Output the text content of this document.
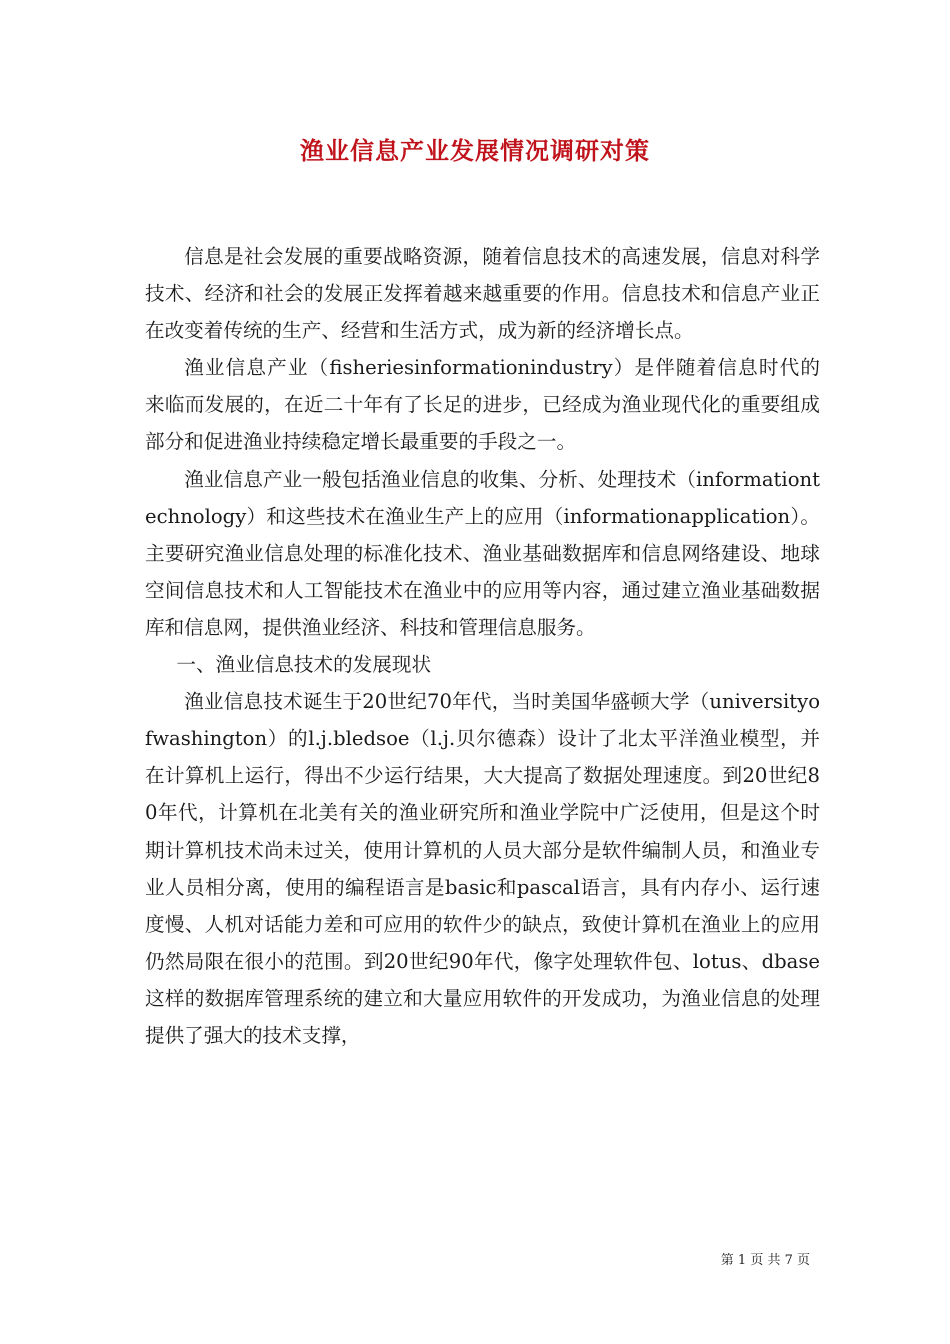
渔业信息产业发展情况调研对策

信息是社会发展的重要战略资源，随着信息技术的高速发展，信息对科学技术、经济和社会的发展正发挥着越来越重要的作用。信息技术和信息产业正在改变着传统的生产、经营和生活方式，成为新的经济增长点。

渔业信息产业（fisheriesinformationindustry）是伴随着信息时代的来临而发展的，在近二十年有了长足的进步，已经成为渔业现代化的重要组成部分和促进渔业持续稳定增长最重要的手段之一。

渔业信息产业一般包括渔业信息的收集、分析、处理技术（informationtechnology）和这些技术在渔业生产上的应用（informationapplication）。主要研究渔业信息处理的标准化技术、渔业基础数据库和信息网络建设、地球空间信息技术和人工智能技术在渔业中的应用等内容，通过建立渔业基础数据库和信息网，提供渔业经济、科技和管理信息服务。

一、渔业信息技术的发展现状

渔业信息技术诞生于20世纪70年代，当时美国华盛顿大学（universityofwashington）的l.j.bledsoe（l.j.贝尔德森）设计了北太平洋渔业模型，并在计算机上运行，得出不少运行结果，大大提高了数据处理速度。到20世纪80年代，计算机在北美有关的渔业研究所和渔业学院中广泛使用，但是这个时期计算机技术尚未过关，使用计算机的人员大部分是软件编制人员，和渔业专业人员相分离，使用的编程语言是basic和pascal语言，具有内存小、运行速度慢、人机对话能力差和可应用的软件少的缺点，致使计算机在渔业上的应用仍然局限在很小的范围。到20世纪90年代，像字处理软件包、lotus、dbase这样的数据库管理系统的建立和大量应用软件的开发成功，为渔业信息的处理提供了强大的技术支撑，

第 1 页 共 7 页
